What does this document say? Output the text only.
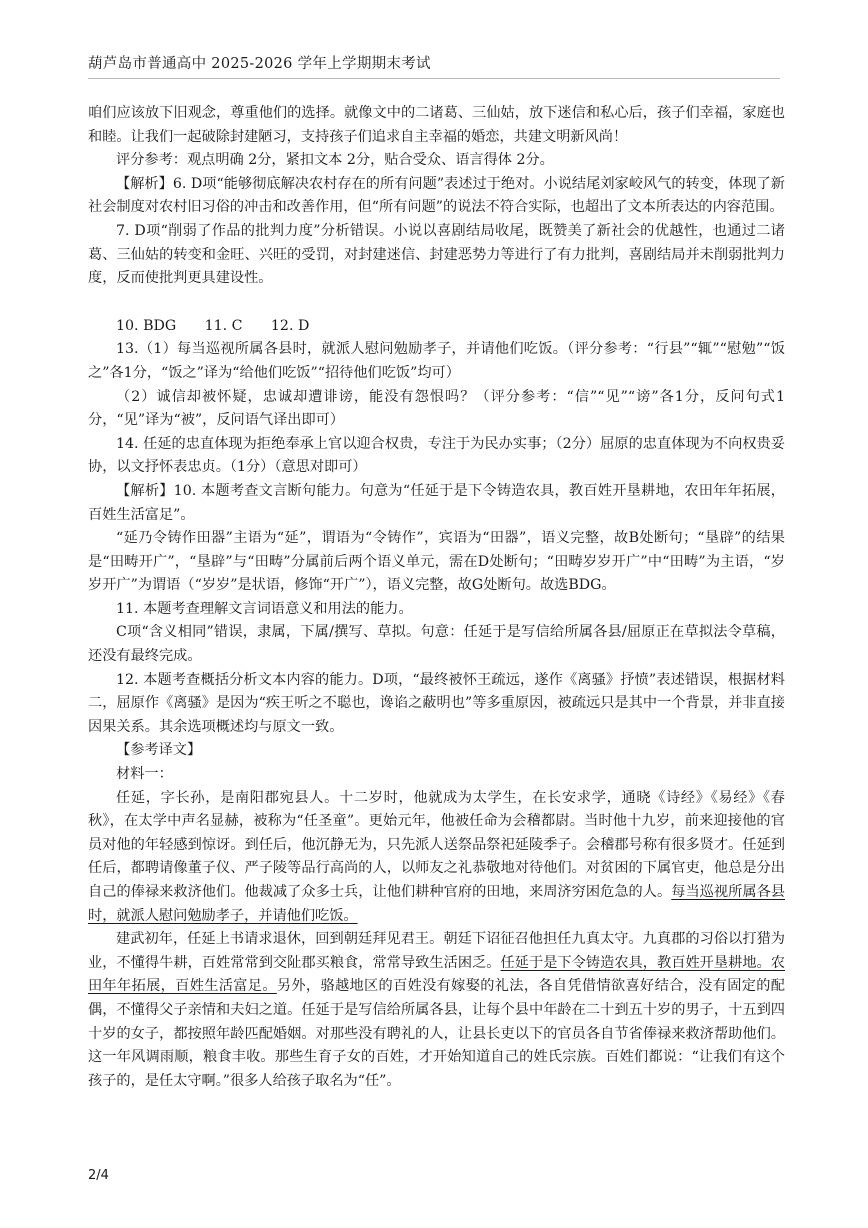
葫芦岛市普通高中 2025-2026 学年上学期期末考试

咱们应该放下旧观念，尊重他们的选择。就像文中的二诸葛、三仙姑，放下迷信和私心后，孩子们幸福，家庭也和睦。让我们一起破除封建陋习，支持孩子们追求自主幸福的婚恋，共建文明新风尚！

评分参考：观点明确 2分，紧扣文本 2分，贴合受众、语言得体 2分。

【解析】6. D项“能够彻底解决农村存在的所有问题”表述过于绝对。小说结尾刘家峧风气的转变，体现了新社会制度对农村旧习俗的冲击和改善作用，但“所有问题”的说法不符合实际，也超出了文本所表达的内容范围。

7. D项“削弱了作品的批判力度”分析错误。小说以喜剧结局收尾，既赞美了新社会的优越性，也通过二诸葛、三仙姑的转变和金旺、兴旺的受罚，对封建迷信、封建恶势力等进行了有力批判，喜剧结局并未削弱批判力度，反而使批判更具建设性。

10. BDG　　11. C　　12. D

13.（1）每当巡视所属各县时，就派人慰问勉励孝子，并请他们吃饭。（评分参考：“行县”“辄”“慰勉”“饭之”各1分，“饭之”译为“给他们吃饭”“招待他们吃饭”均可）

（2）诚信却被怀疑，忠诚却遭诽谤，能没有怨恨吗？（评分参考：“信”“见”“谤”各1分，反问句式1分，“见”译为“被”，反问语气译出即可）

14. 任延的忠直体现为拒绝奉承上官以迎合权贵，专注于为民办实事；（2分）屈原的忠直体现为不向权贵妥协，以文抒怀表忠贞。（1分）（意思对即可）

【解析】10. 本题考查文言断句能力。句意为“任延于是下令铸造农具，教百姓开垦耕地，农田年年拓展，百姓生活富足”。

“延乃令铸作田器”主语为“延”，谓语为“令铸作”，宾语为“田器”，语义完整，故B处断句；“垦辟”的结果是“田畴开广”，“垦辟”与“田畴”分属前后两个语义单元，需在D处断句；“田畴岁岁开广”中“田畴”为主语，“岁岁开广”为谓语（“岁岁”是状语，修饰“开广”），语义完整，故G处断句。故选BDG。

11. 本题考查理解文言词语意义和用法的能力。

C项“含义相同”错误，隶属，下属/撰写、草拟。句意：任延于是写信给所属各县/屈原正在草拟法令草稿，还没有最终完成。

12. 本题考查概括分析文本内容的能力。D项，“最终被怀王疏远，遂作《离骚》抒愤”表述错误，根据材料二，屈原作《离骚》是因为“疾王听之不聪也，谗谄之蔽明也”等多重原因，被疏远只是其中一个背景，并非直接因果关系。其余选项概述均与原文一致。

【参考译文】

材料一：

任延，字长孙，是南阳郡宛县人。十二岁时，他就成为太学生，在长安求学，通晓《诗经》《易经》《春秋》，在太学中声名显赫，被称为“任圣童”。更始元年，他被任命为会稽都尉。当时他十九岁，前来迎接他的官员对他的年轻感到惊讶。到任后，他沉静无为，只先派人送祭品祭祀延陵季子。会稽郡号称有很多贤才。任延到任后，都聘请像董子仪、严子陵等品行高尚的人，以师友之礼恭敬地对待他们。对贫困的下属官吏，他总是分出自己的俸禄来救济他们。他裁减了众多士兵，让他们耕种官府的田地，来周济穷困危急的人。每当巡视所属各县时，就派人慰问勉励孝子，并请他们吃饭。

建武初年，任延上书请求退休，回到朝廷拜见君王。朝廷下诏征召他担任九真太守。九真郡的习俗以打猎为业，不懂得牛耕，百姓常常到交阯郡买粮食，常常导致生活困乏。任延于是下令铸造农具，教百姓开垦耕地。农田年年拓展，百姓生活富足。另外，骆越地区的百姓没有嫁娶的礼法，各自凭借情欲喜好结合，没有固定的配偶，不懂得父子亲情和夫妇之道。任延于是写信给所属各县，让每个县中年龄在二十到五十岁的男子，十五到四十岁的女子，都按照年龄匹配婚姻。对那些没有聘礼的人，让县长吏以下的官员各自节省俸禄来救济帮助他们。这一年风调雨顺，粮食丰收。那些生育子女的百姓，才开始知道自己的姓氏宗族。百姓们都说：“让我们有这个孩子的，是任太守啊。”很多人给孩子取名为“任”。

2/4
